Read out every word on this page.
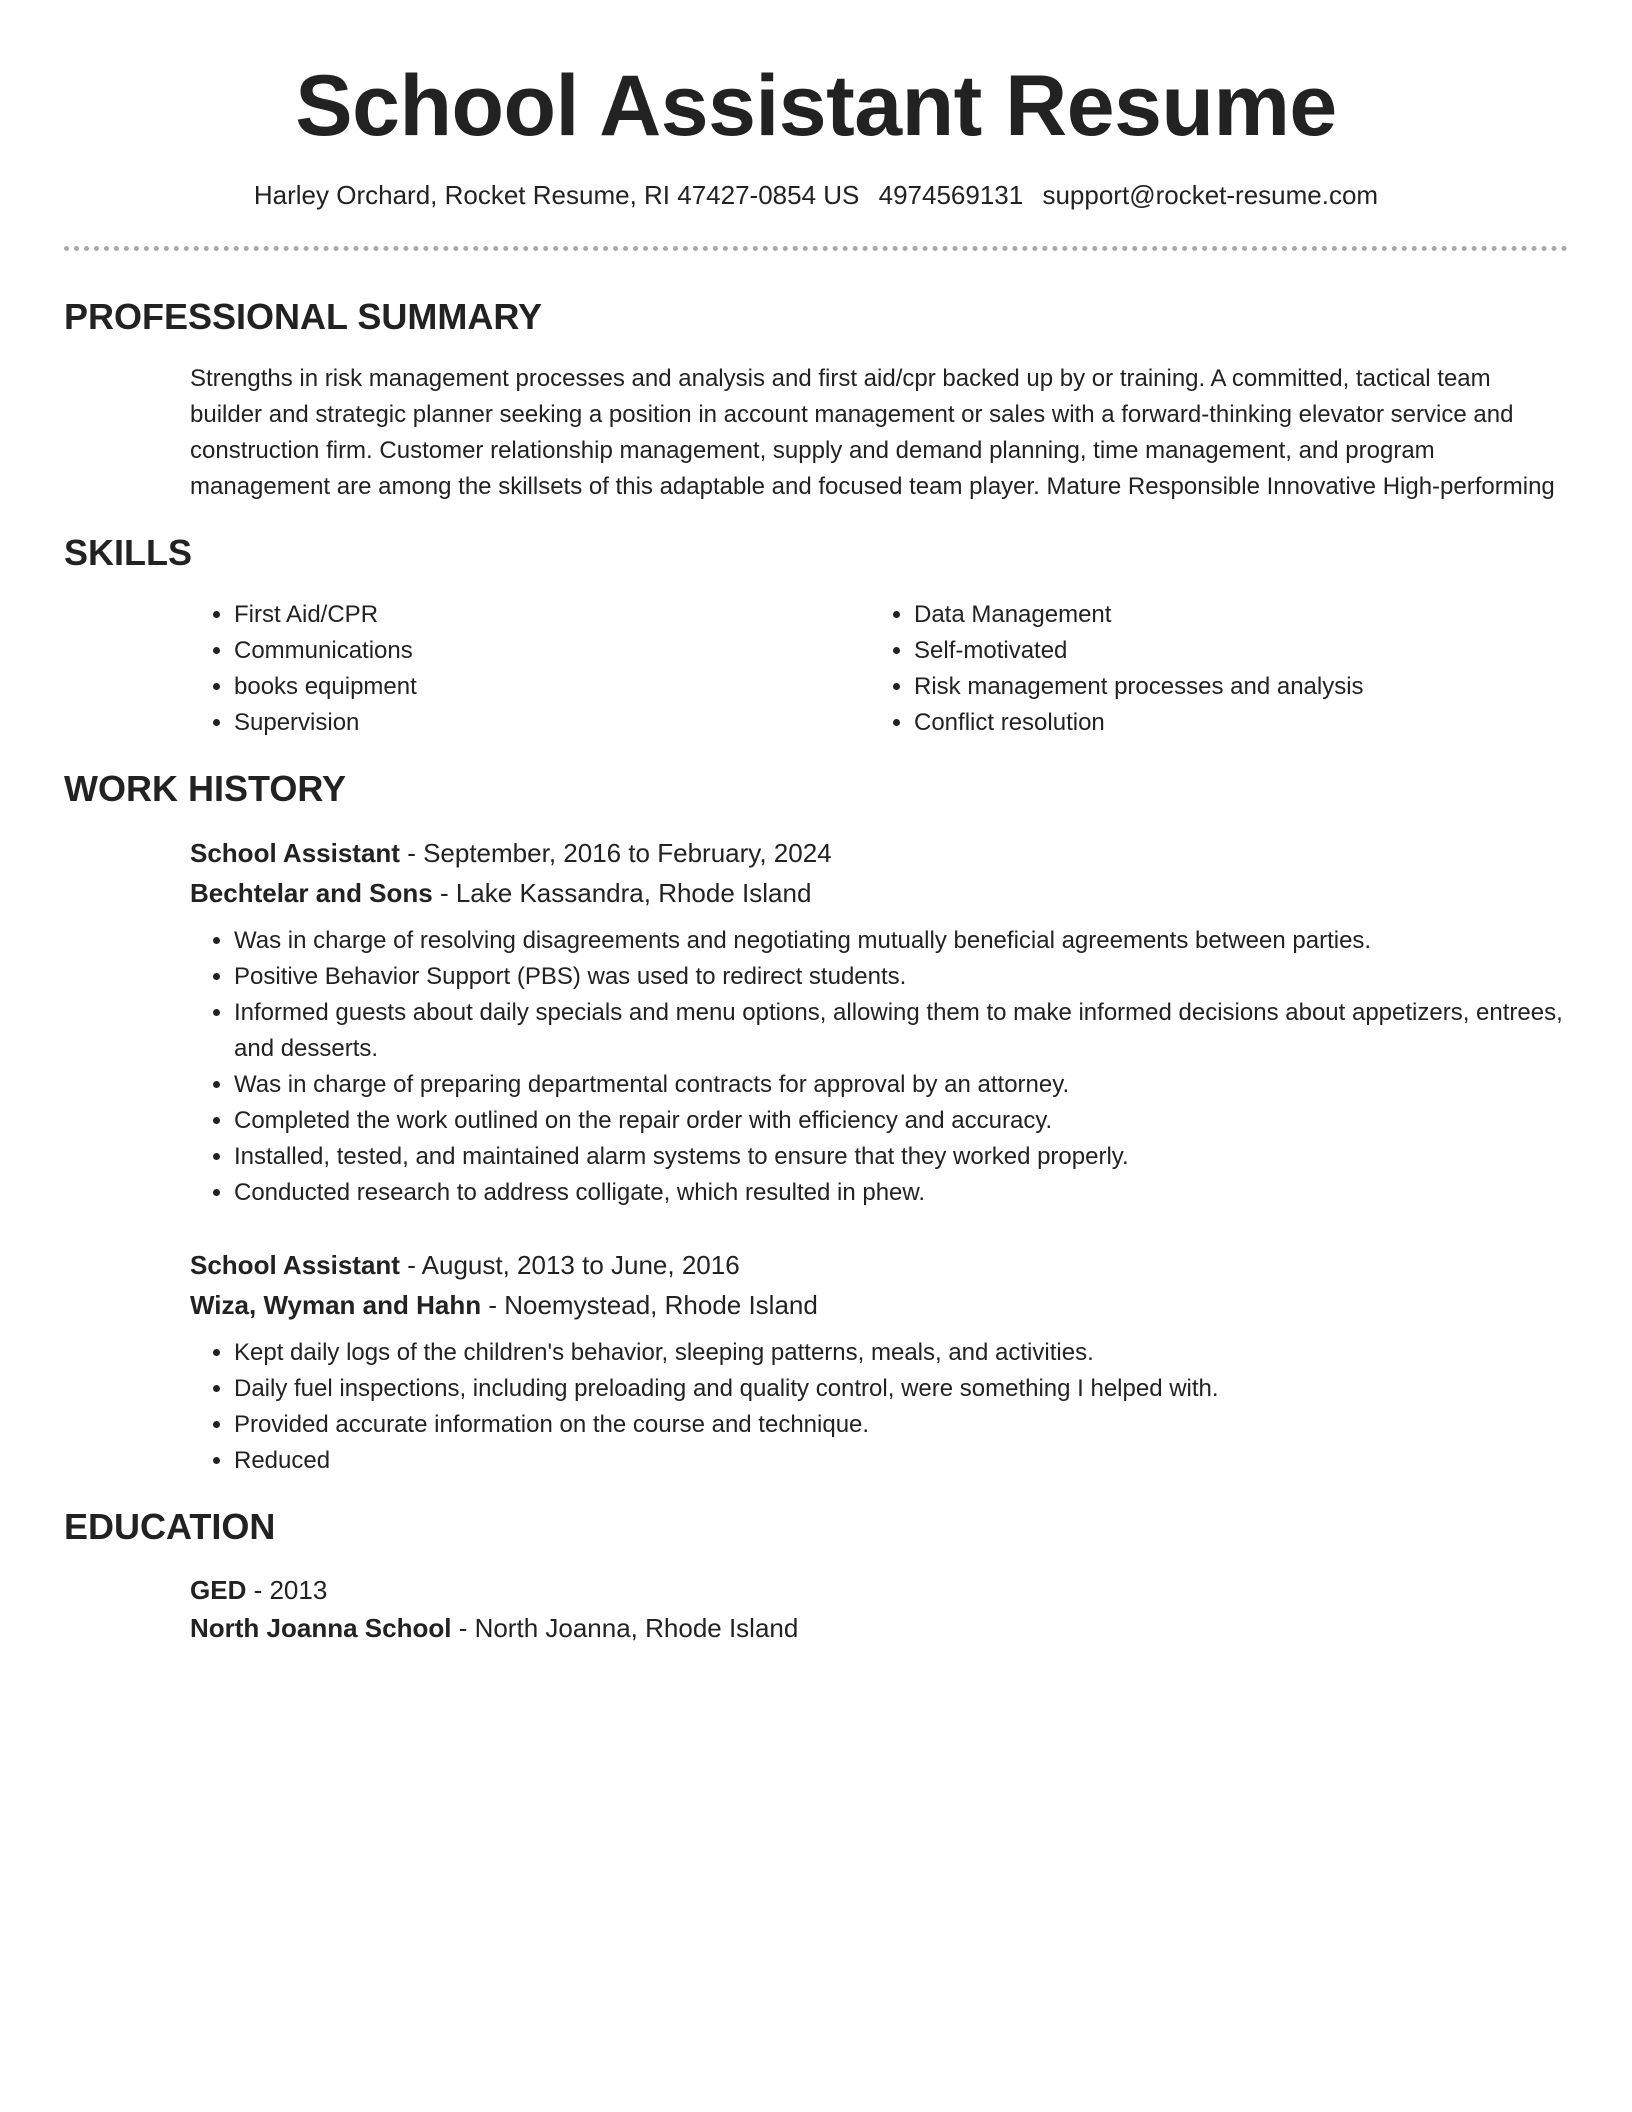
School Assistant Resume
Harley Orchard, Rocket Resume, RI 47427-0854 US 4974569131 support@rocket-resume.com
PROFESSIONAL SUMMARY
Strengths in risk management processes and analysis and first aid/cpr backed up by or training. A committed, tactical team builder and strategic planner seeking a position in account management or sales with a forward-thinking elevator service and construction firm. Customer relationship management, supply and demand planning, time management, and program management are among the skillsets of this adaptable and focused team player. Mature Responsible Innovative High-performing
SKILLS
• First Aid/CPR
• Communications
• books equipment
• Supervision
• Data Management
• Self-motivated
• Risk management processes and analysis
• Conflict resolution
WORK HISTORY
School Assistant - September, 2016 to February, 2024
Bechtelar and Sons - Lake Kassandra, Rhode Island
• Was in charge of resolving disagreements and negotiating mutually beneficial agreements between parties.
• Positive Behavior Support (PBS) was used to redirect students.
• Informed guests about daily specials and menu options, allowing them to make informed decisions about appetizers, entrees, and desserts.
• Was in charge of preparing departmental contracts for approval by an attorney.
• Completed the work outlined on the repair order with efficiency and accuracy.
• Installed, tested, and maintained alarm systems to ensure that they worked properly.
• Conducted research to address colligate, which resulted in phew.
School Assistant - August, 2013 to June, 2016
Wiza, Wyman and Hahn - Noemystead, Rhode Island
• Kept daily logs of the children's behavior, sleeping patterns, meals, and activities.
• Daily fuel inspections, including preloading and quality control, were something I helped with.
• Provided accurate information on the course and technique.
• Reduced
EDUCATION
GED - 2013
North Joanna School - North Joanna, Rhode Island
